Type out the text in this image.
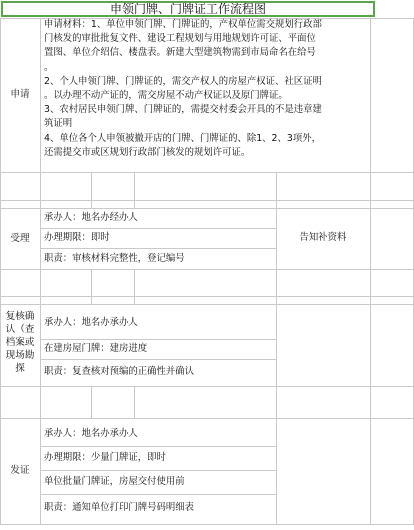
申领门牌、门牌证工作流程图
申请
申请材料：1、单位申领门牌、门牌证的，产权单位需交规划行政部
门核发的审批批复文件、建设工程规划与用地规划许可证、平面位
置图、单位介绍信、楼盘表。新建大型建筑物需到市局命名在给号
。
2、个人申领门牌、门牌证的，需交产权人的房屋产权证、社区证明
。以办理不动产证的，需交房屋不动产权证以及原门牌证。
3、农村居民申领门牌、门牌证的，需提交村委会开具的不是违章建
筑证明
4、单位各个人申领被撤开店的门牌、门牌证的、除1、2、3项外，
还需提交市或区规划行政部门核发的规划许可证。
受理
承办人：地名办经办人
办理期限：即时
职责：审核材料完整性，登记编号
告知补资料
复核确
认（查
档案或
现场勘
探
承办人：地名办承办人
在建房屋门牌：建房进度
职责：复查核对预编的正确性并确认
发证
承办人：地名办承办人
办理期限：少量门牌证，即时
单位批量门牌证，房屋交付使用前
职责：通知单位打印门牌号码明细表
